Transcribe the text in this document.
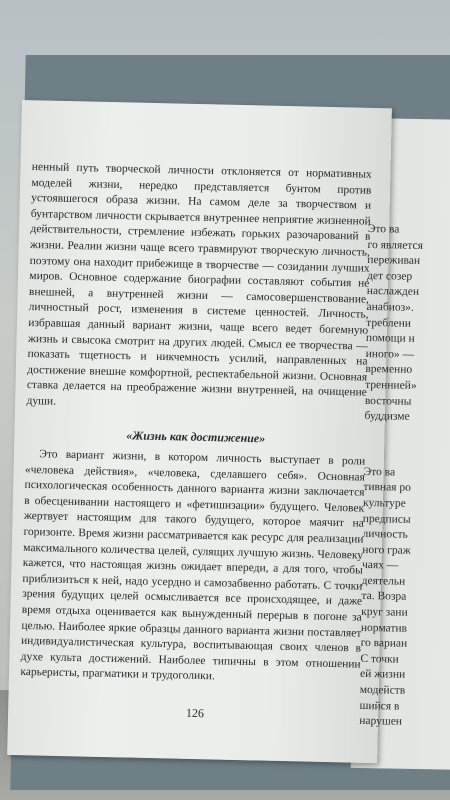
ненный путь творческой личности отклоняется от нормативных моделей жизни, нередко представляется бунтом против устоявшегося образа жизни. На самом деле за творчеством и бунтарством личности скрывается внутреннее неприятие жизненной действительности, стремление избежать горьких разочарований в жизни. Реалии жизни чаще всего травмируют творческую личность, поэтому она находит прибежище в творчестве — созидании лучших миров. Основное содержание биографии составляют события не внешней, а внутренней жизни — самосовершенствование, личностный рост, изменения в системе ценностей. Личность, избравшая данный вариант жизни, чаще всего ведет богемную жизнь и свысока смотрит на других людей. Смысл ее творчества — показать тщетность и никчемность усилий, направленных на достижение внешне комфортной, респектабельной жизни. Основная ставка делается на преображение жизни внутренней, на очищение души.

«Жизнь как достижение»

Это вариант жизни, в котором личность выступает в роли «человека действия», «человека, сделавшего себя». Основная психологическая особенность данного варианта жизни заключается в обесценивании настоящего и «фетишизации» будущего. Человек жертвует настоящим для такого будущего, которое маячит на горизонте. Время жизни рассматривается как ресурс для реализации максимального количества целей, сулящих лучшую жизнь. Человеку кажется, что настоящая жизнь ожидает впереди, а для того, чтобы приблизиться к ней, надо усердно и самозабвенно работать. С точки зрения будущих целей осмысливается все происходящее, и даже время отдыха оценивается как вынужденный перерыв в погоне за целью. Наиболее яркие образцы данного варианта жизни поставляет индивидуалистическая культура, воспитывающая своих членов в духе культа достижений. Наиболее типичны в этом отношении карьеристы, прагматики и трудоголики.

126
Это ва
го является
переживан
дет созер
наслажден
анабиоз».
треблени
помощи н
иного» —
временно
треннией»
восточны
буддизме
Это ва
тивная ро
культуре
предписы
личность
ного граж
чаях —
деятельн
та. Возра
круг зани
норматив
го вариан
С точки
ей жизни
модейств
шийся в
нарушен
